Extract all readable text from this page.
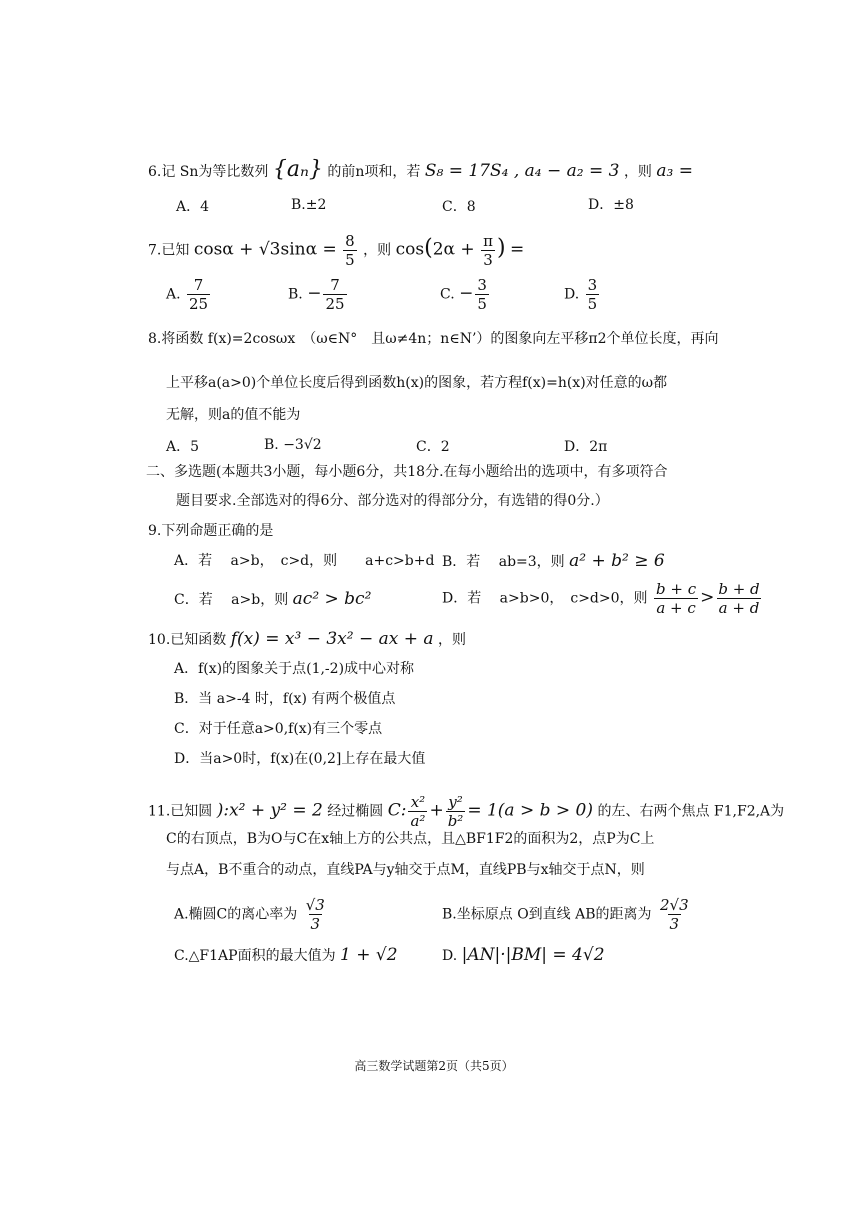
6.记 Sn为等比数列 {aₙ} 的前n项和，若 S₈ = 17S₄ , a₄ − a₂ = 3 ，则 a₃ =
A．4	B.±2	C．8	D．±8
7.已知 $\cos\alpha + √3\sin\alpha = \frac{8}{5}$ ，则 $\cos(2\alpha + \frac{\pi}{3}$ ) =
A. $\frac{7}{25}$	B. − $\frac{7}{25}$	C. − $\frac{3}{5}$	D. $\frac{3}{5}$
8.将函数 f(x)=2cosωx　（ω∈N°　且ω≠4n；n∈N’）的图象向左平移π2个单位长度，再向
上平移a(a>0)个单位长度后得到函数h(x)的图象，若方程f(x)=h(x)对任意的ω都
无解，则a的值不能为
A．5	B. −3√2	C．2	D．2π
二、多选题(本题共3小题，每小题6分，共18分.在每小题给出的选项中，有多项符合
题目要求.全部选对的得6分、部分选对的得部分分，有选错的得0分.）
9.下列命题正确的是
A．若　 a>b，　c>d，则　　a+c>b+d B．若　 ab=3，则 a² + b² ≥ 6
C．若　 a>b，则 ac² > bc²	D．若　 a>b>0，　c>d>0，则 $\frac{b + c}{a + c} > \frac{b + d}{a + d}$
10.已知函数 f(x) = x³ − 3x² − ax + a ，则
A．f(x)的图象关于点(1,-2)成中心对称
B．当 a>-4 时，f(x) 有两个极值点
C．对于任意a>0,f(x)有三个零点
D．当a>0时，f(x)在(0,2]上存在最大值
11.已知圆 ):x² + y² = 2 经过椭圆 C: $\frac{\text{x²}}{\text{a²}} + \frac{\text{y²}}{\text{b²}} = 1(a > b > 0)$ 的左、右两个焦点 F1,F2,A为
C的右顶点，B为O与C在x轴上方的公共点，且△BF1F2的面积为2，点P为C上
与点A，B不重合的动点，直线PA与y轴交于点M，直线PB与x轴交于点N，则
A.椭圆C的离心率为 $\frac{√3}{3}$	B.坐标原点 O到直线 AB的距离为 $\frac{2√3}{3}$
C.△F1AP面积的最大值为 1 + √2	D. |AN|·|BM| = 4√2
高三数学试题第2页（共5页）
